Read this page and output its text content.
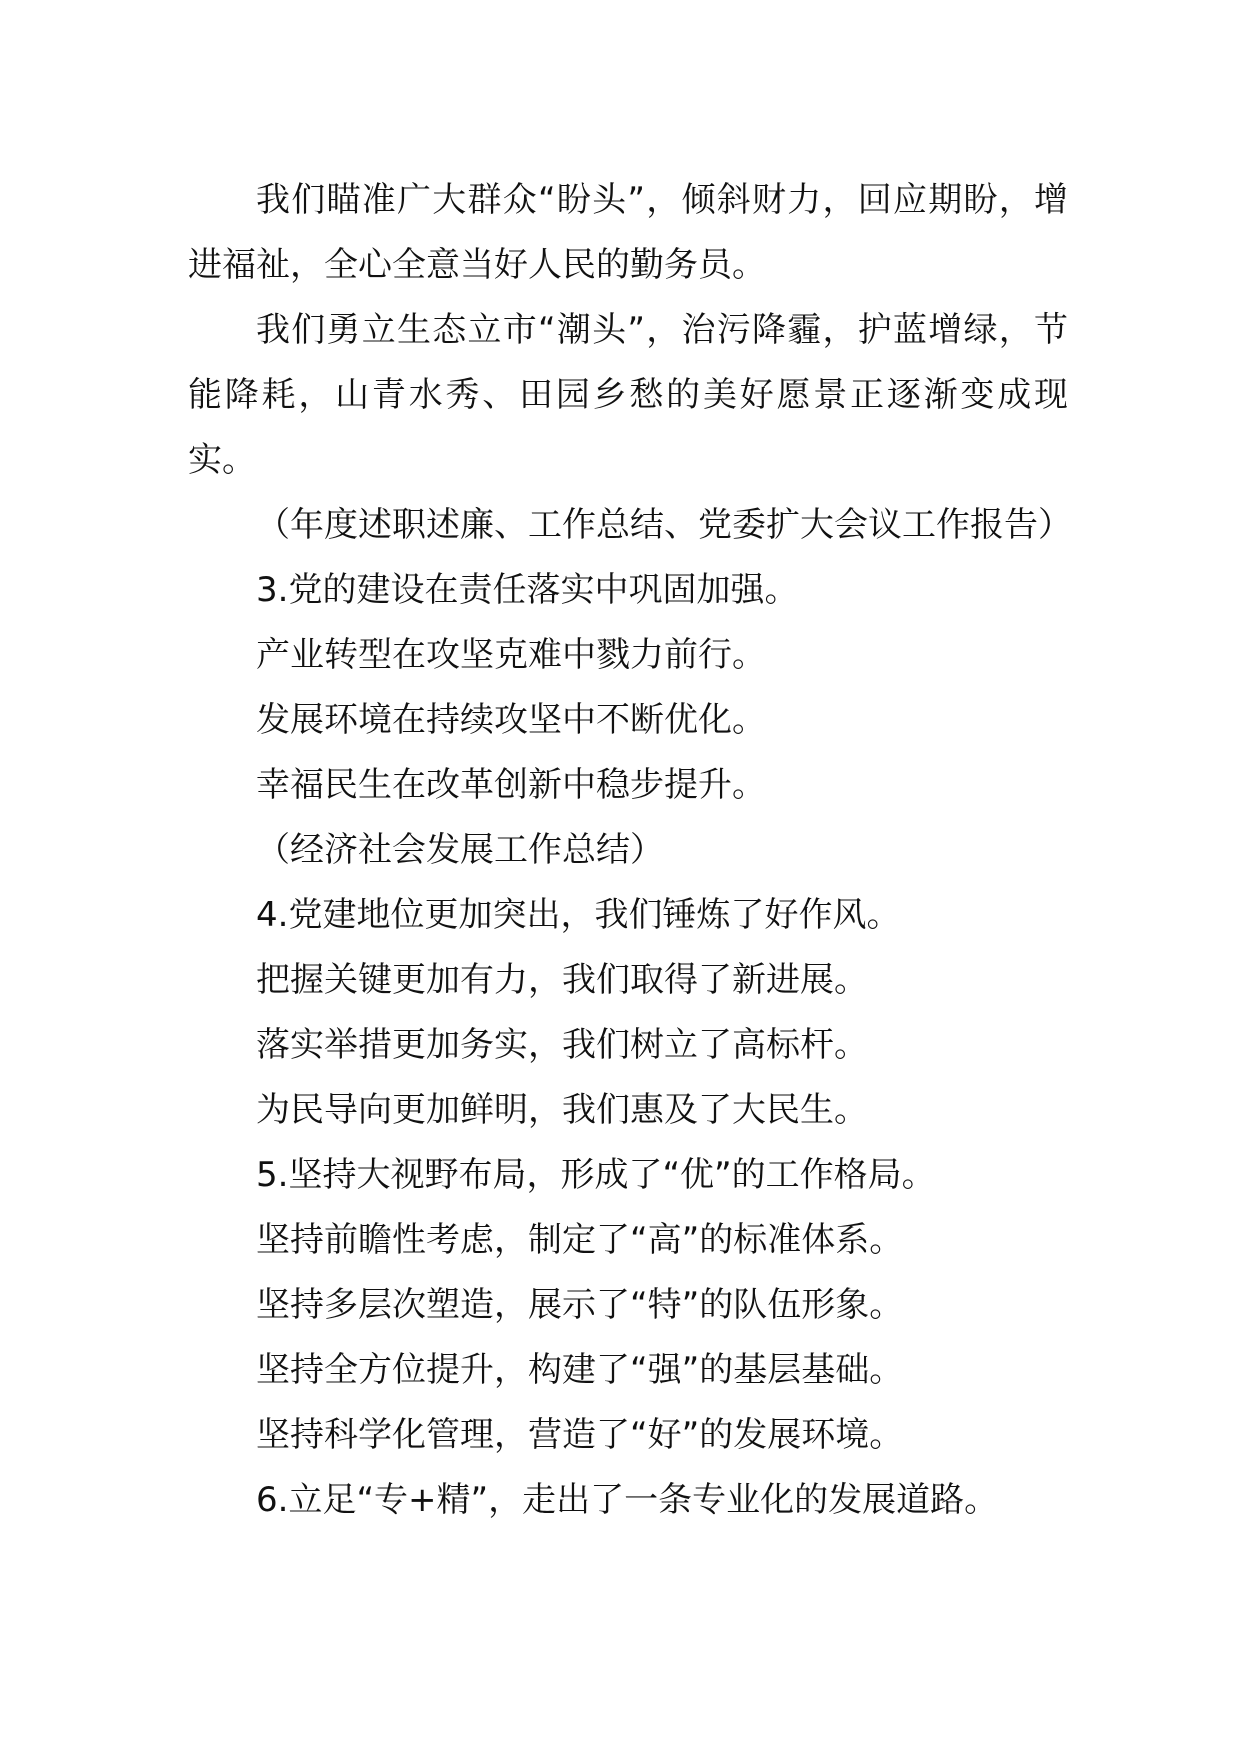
我们瞄准广大群众“盼头”，倾斜财力，回应期盼，增进福祉，全心全意当好人民的勤务员。

我们勇立生态立市“潮头”，治污降霾，护蓝增绿，节能降耗，山青水秀、田园乡愁的美好愿景正逐渐变成现实。

（年度述职述廉、工作总结、党委扩大会议工作报告）

3.党的建设在责任落实中巩固加强。

产业转型在攻坚克难中戮力前行。

发展环境在持续攻坚中不断优化。

幸福民生在改革创新中稳步提升。

（经济社会发展工作总结）

4.党建地位更加突出，我们锤炼了好作风。

把握关键更加有力，我们取得了新进展。

落实举措更加务实，我们树立了高标杆。

为民导向更加鲜明，我们惠及了大民生。

5.坚持大视野布局，形成了“优”的工作格局。

坚持前瞻性考虑，制定了“高”的标准体系。

坚持多层次塑造，展示了“特”的队伍形象。

坚持全方位提升，构建了“强”的基层基础。

坚持科学化管理，营造了“好”的发展环境。

6.立足“专+精”，走出了一条专业化的发展道路。
